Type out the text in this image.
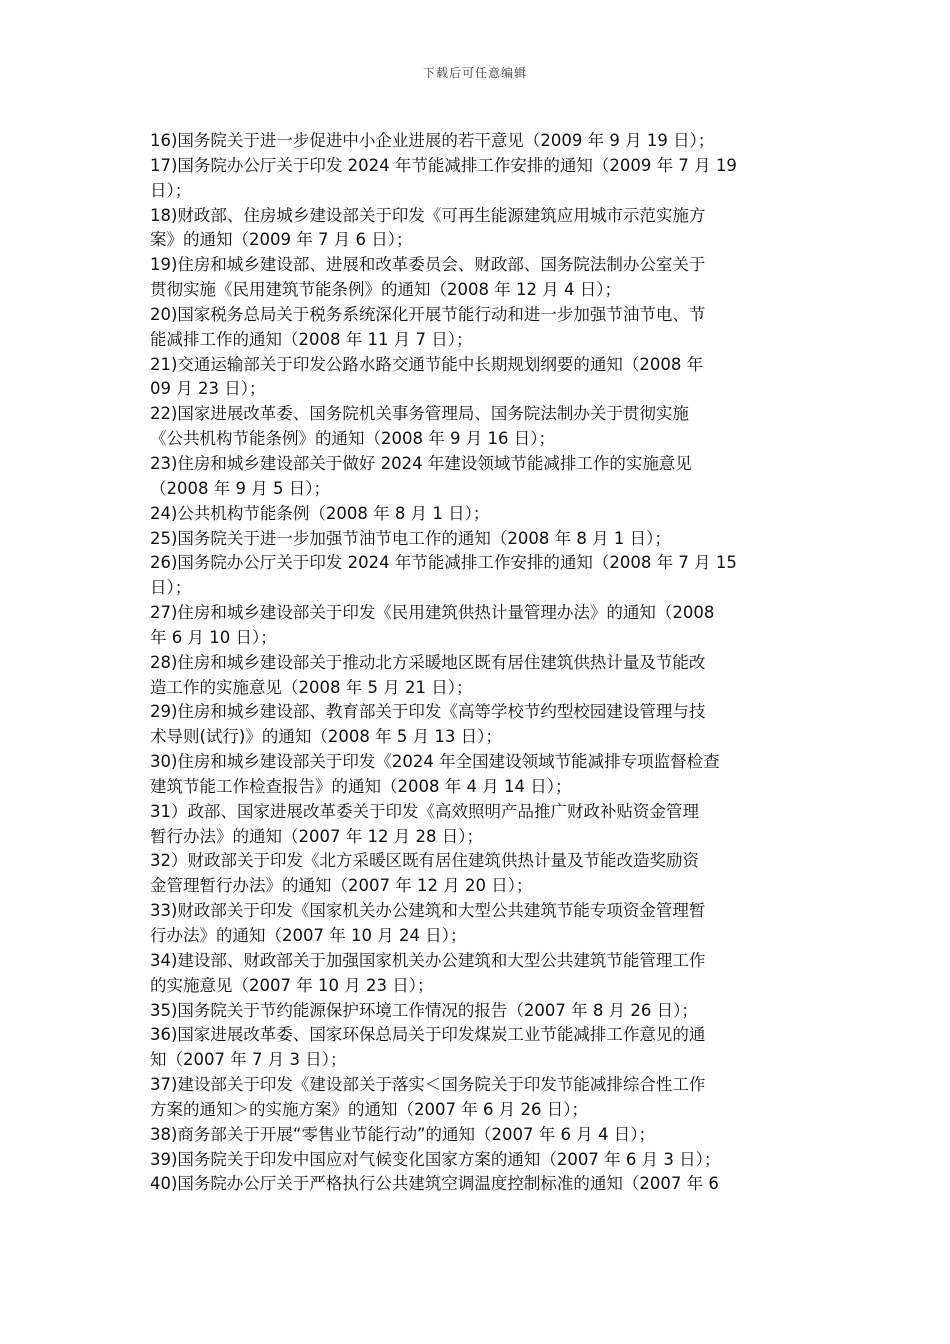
下载后可任意编辑
16)国务院关于进一步促进中小企业进展的若干意见（2009 年 9 月 19 日）；
17)国务院办公厅关于印发 2024 年节能减排工作安排的通知（2009 年 7 月 19
日）；
18)财政部、住房城乡建设部关于印发《可再生能源建筑应用城市示范实施方
案》的通知（2009 年 7 月 6 日）；
19)住房和城乡建设部、进展和改革委员会、财政部、国务院法制办公室关于
贯彻实施《民用建筑节能条例》的通知（2008 年 12 月 4 日）；
20)国家税务总局关于税务系统深化开展节能行动和进一步加强节油节电、节
能减排工作的通知（2008 年 11 月 7 日）；
21)交通运输部关于印发公路水路交通节能中长期规划纲要的通知（2008 年
09 月 23 日）；
22)国家进展改革委、国务院机关事务管理局、国务院法制办关于贯彻实施
《公共机构节能条例》的通知（2008 年 9 月 16 日）；
23)住房和城乡建设部关于做好 2024 年建设领域节能减排工作的实施意见
（2008 年 9 月 5 日）；
24)公共机构节能条例（2008 年 8 月 1 日）；
25)国务院关于进一步加强节油节电工作的通知（2008 年 8 月 1 日）；
26)国务院办公厅关于印发 2024 年节能减排工作安排的通知（2008 年 7 月 15
日）；
27)住房和城乡建设部关于印发《民用建筑供热计量管理办法》的通知（2008
年 6 月 10 日）；
28)住房和城乡建设部关于推动北方采暖地区既有居住建筑供热计量及节能改
造工作的实施意见（2008 年 5 月 21 日）；
29)住房和城乡建设部、教育部关于印发《高等学校节约型校园建设管理与技
术导则(试行)》的通知（2008 年 5 月 13 日）；
30)住房和城乡建设部关于印发《2024 年全国建设领域节能减排专项监督检查
建筑节能工作检查报告》的通知（2008 年 4 月 14 日）；
31）政部、国家进展改革委关于印发《高效照明产品推广财政补贴资金管理
暂行办法》的通知（2007 年 12 月 28 日）；
32）财政部关于印发《北方采暖区既有居住建筑供热计量及节能改造奖励资
金管理暂行办法》的通知（2007 年 12 月 20 日）；
33)财政部关于印发《国家机关办公建筑和大型公共建筑节能专项资金管理暂
行办法》的通知（2007 年 10 月 24 日）；
34)建设部、财政部关于加强国家机关办公建筑和大型公共建筑节能管理工作
的实施意见（2007 年 10 月 23 日）；
35)国务院关于节约能源保护环境工作情况的报告（2007 年 8 月 26 日）；
36)国家进展改革委、国家环保总局关于印发煤炭工业节能减排工作意见的通
知（2007 年 7 月 3 日）；
37)建设部关于印发《建设部关于落实＜国务院关于印发节能减排综合性工作
方案的通知＞的实施方案》的通知（2007 年 6 月 26 日）；
38)商务部关于开展“零售业节能行动”的通知（2007 年 6 月 4 日）；
39)国务院关于印发中国应对气候变化国家方案的通知（2007 年 6 月 3 日）；
40)国务院办公厅关于严格执行公共建筑空调温度控制标准的通知（2007 年 6
